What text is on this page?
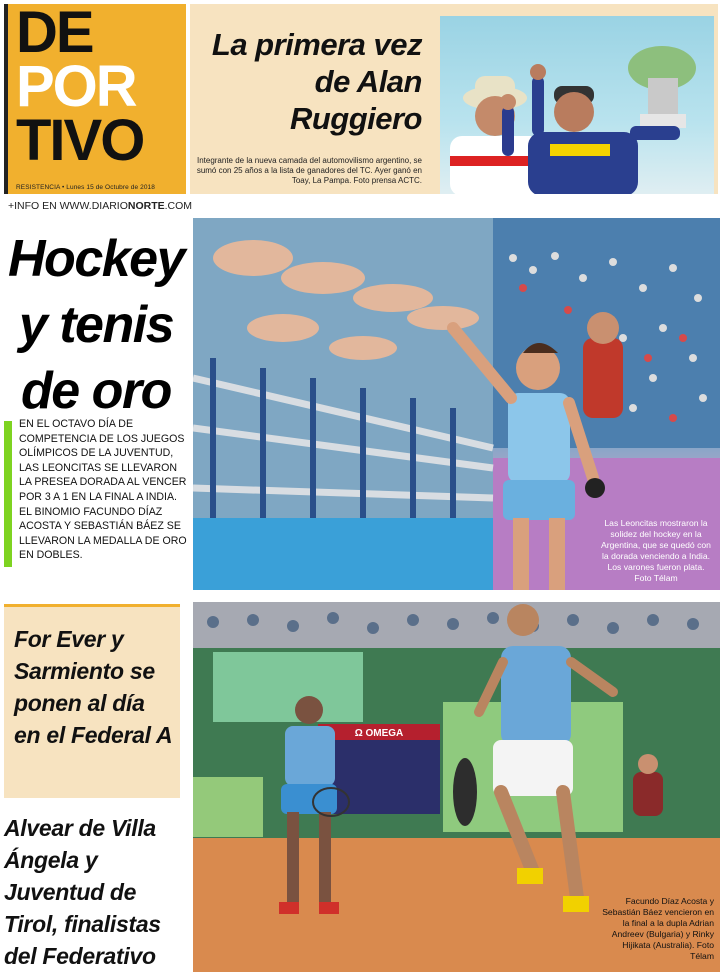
DE
POR
TIVO
RESISTENCIA • Lunes 15 de Octubre de 2018
+INFO EN WWW.DIARIONORTE.COM
La primera vez de Alan Ruggiero
Integrante de la nueva camada del automovilismo argentino, se sumó con 25 años a la lista de ganadores del TC. Ayer ganó en Toay, La Pampa. Foto prensa ACTC.
Hockey y tenis de oro

EN EL OCTAVO DÍA DE COMPETENCIA DE LOS JUEGOS OLÍMPICOS DE LA JUVENTUD, LAS LEONCITAS SE LLEVARON LA PRESEA DORADA AL VENCER POR 3 A 1 EN LA FINAL A INDIA. EL BINOMIO FACUNDO DÍAZ ACOSTA Y SEBASTIÁN BÁEZ SE LLEVARON LA MEDALLA DE ORO EN DOBLES.

Las Leoncitas mostraron la solidez del hockey en la Argentina, que se quedó con la dorada venciendo a India. Los varones fueron plata. Foto Télam
For Ever y Sarmiento se ponen al día en el Federal A
Alvear de Villa Ángela y Juventud de Tirol, finalistas del Federativo
Ω OMEGA
Facundo Díaz Acosta y Sebastián Báez vencieron en la final a la dupla Adrian Andreev (Bulgaria) y Rinky Hijikata (Australia). Foto Télam
